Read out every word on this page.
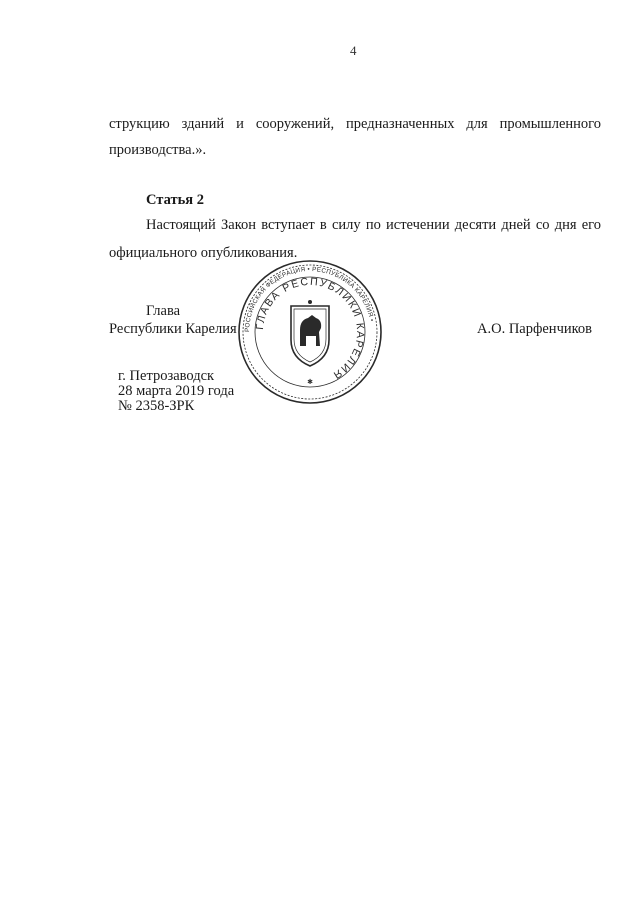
4
струкцию зданий и сооружений, предназначенных для промышленного
производства.».
Статья 2
Настоящий Закон вступает в силу по истечении десяти дней со дня его
официального опубликования.
Глава
Республики Карелия	А.О. Парфенчиков
РОССИЙСКАЯ ФЕДЕРАЦИЯ • РЕСПУБЛИКА КАРЕЛИЯ •
ГЛАВА РЕСПУБЛИКИ КАРЕЛИЯ
✱
г. Петрозаводск
28 марта 2019 года
№ 2358-ЗРК
